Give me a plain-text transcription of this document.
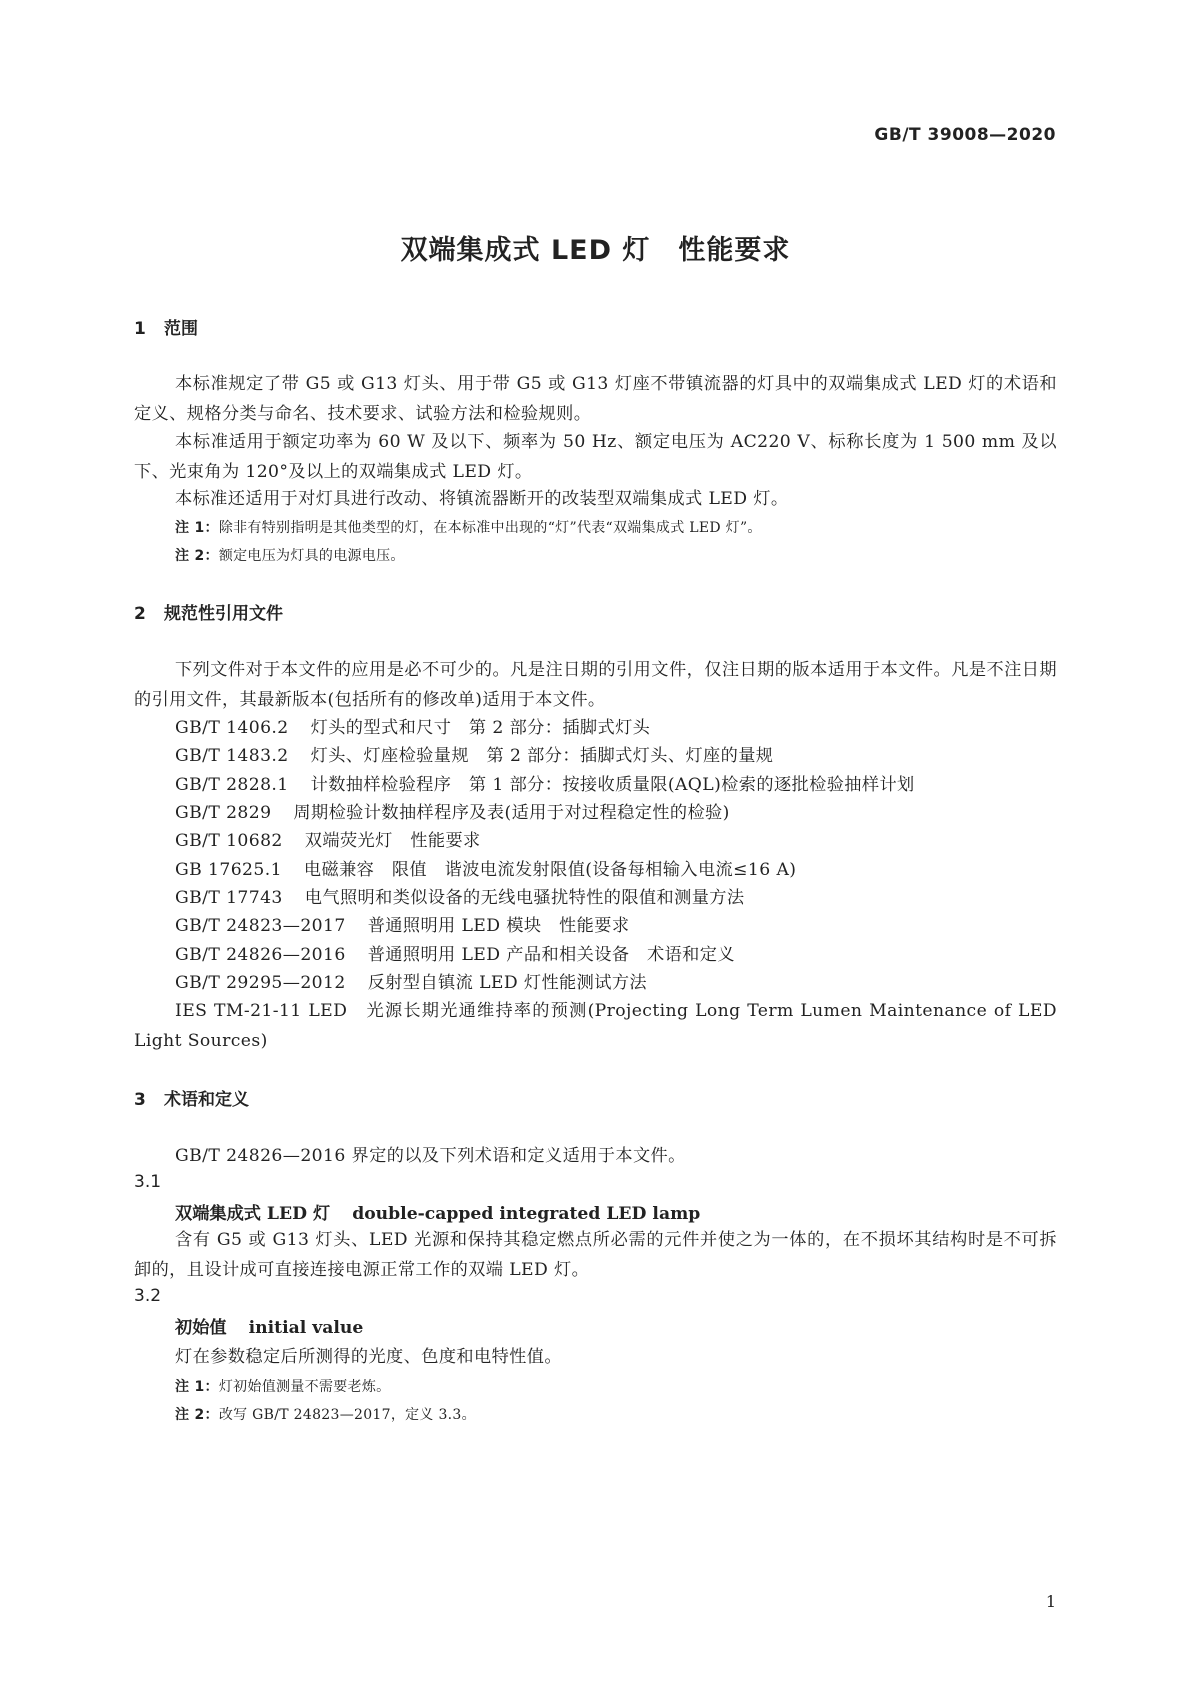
GB/T 39008—2020
双端集成式 LED 灯　性能要求
1 范围
本标准规定了带 G5 或 G13 灯头、用于带 G5 或 G13 灯座不带镇流器的灯具中的双端集成式 LED 灯的术语和定义、规格分类与命名、技术要求、试验方法和检验规则。
本标准适用于额定功率为 60 W 及以下、频率为 50 Hz、额定电压为 AC220 V、标称长度为 1 500 mm 及以下、光束角为 120°及以上的双端集成式 LED 灯。
本标准还适用于对灯具进行改动、将镇流器断开的改装型双端集成式 LED 灯。
注 1：除非有特别指明是其他类型的灯，在本标准中出现的“灯”代表“双端集成式 LED 灯”。
注 2：额定电压为灯具的电源电压。
2 规范性引用文件
下列文件对于本文件的应用是必不可少的。凡是注日期的引用文件，仅注日期的版本适用于本文件。凡是不注日期的引用文件，其最新版本(包括所有的修改单)适用于本文件。
GB/T 1406.2 灯头的型式和尺寸　第 2 部分：插脚式灯头
GB/T 1483.2 灯头、灯座检验量规　第 2 部分：插脚式灯头、灯座的量规
GB/T 2828.1 计数抽样检验程序　第 1 部分：按接收质量限(AQL)检索的逐批检验抽样计划
GB/T 2829 周期检验计数抽样程序及表(适用于对过程稳定性的检验)
GB/T 10682 双端荧光灯　性能要求
GB 17625.1 电磁兼容　限值　谐波电流发射限值(设备每相输入电流≤16 A)
GB/T 17743 电气照明和类似设备的无线电骚扰特性的限值和测量方法
GB/T 24823—2017 普通照明用 LED 模块　性能要求
GB/T 24826—2016 普通照明用 LED 产品和相关设备　术语和定义
GB/T 29295—2012 反射型自镇流 LED 灯性能测试方法
IES TM-21-11 LED　光源长期光通维持率的预测(Projecting Long Term Lumen Maintenance of LED Light Sources)
3 术语和定义
GB/T 24826—2016 界定的以及下列术语和定义适用于本文件。
3.1
双端集成式 LED 灯 double-capped integrated LED lamp
含有 G5 或 G13 灯头、LED 光源和保持其稳定燃点所必需的元件并使之为一体的，在不损坏其结构时是不可拆卸的，且设计成可直接连接电源正常工作的双端 LED 灯。
3.2
初始值 initial value
灯在参数稳定后所测得的光度、色度和电特性值。
注 1：灯初始值测量不需要老炼。
注 2：改写 GB/T 24823—2017，定义 3.3。
1
